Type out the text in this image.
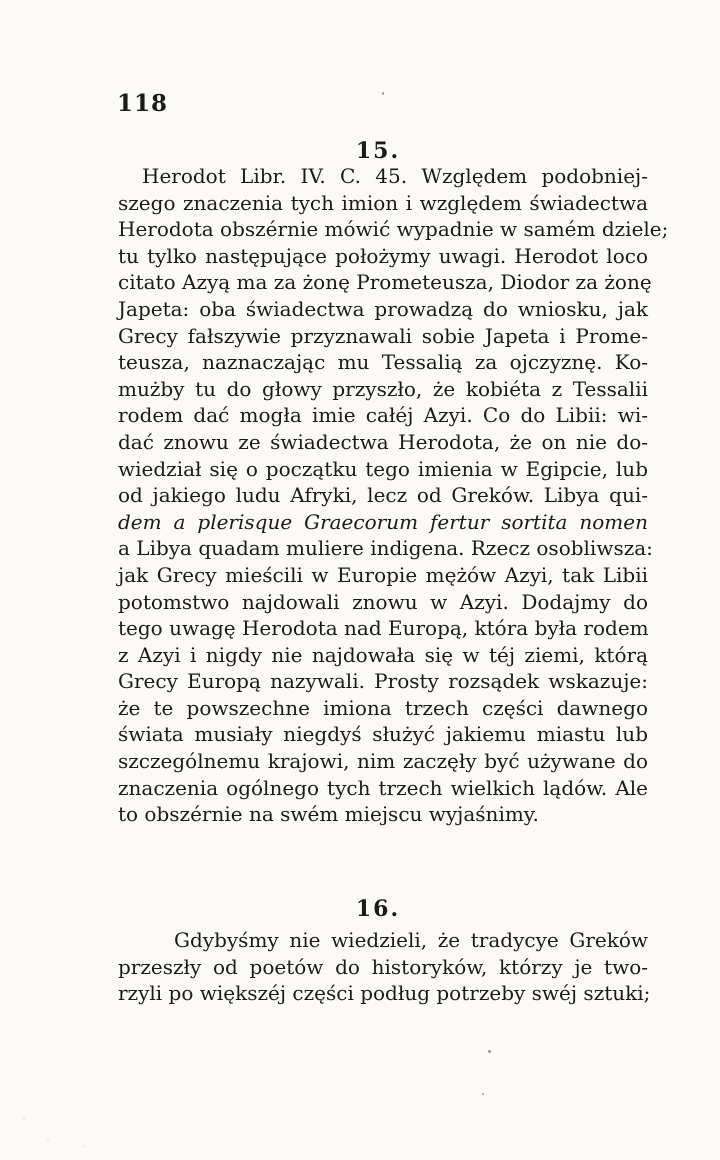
118
15.
Herodot Libr. IV. C. 45. Względem podobniej-
szego znaczenia tych imion i względem świadectwa
Herodota obszérnie mówić wypadnie w samém dziele;
tu tylko następujące położymy uwagi. Herodot loco
citato Azyą ma za żonę Prometeusza, Diodor za żonę
Japeta: oba świadectwa prowadzą do wniosku, jak
Grecy fałszywie przyznawali sobie Japeta i Prome-
teusza, naznaczając mu Tessalią za ojczyznę. Ko-
mużby tu do głowy przyszło, że kobiéta z Tessalii
rodem dać mogła imie całéj Azyi. Co do Libii: wi-
dać znowu ze świadectwa Herodota, że on nie do-
wiedział się o początku tego imienia w Egipcie, lub
od jakiego ludu Afryki, lecz od Greków. Libya qui-
dem a plerisque Graecorum fertur sortita nomen
a Libya quadam muliere indigena. Rzecz osobliwsza:
jak Grecy mieścili w Europie mężów Azyi, tak Libii
potomstwo najdowali znowu w Azyi. Dodajmy do
tego uwagę Herodota nad Europą, która była rodem
z Azyi i nigdy nie najdowała się w téj ziemi, którą
Grecy Europą nazywali. Prosty rozsądek wskazuje:
że te powszechne imiona trzech części dawnego
świata musiały niegdyś służyć jakiemu miastu lub
szczególnemu krajowi, nim zaczęły być używane do
znaczenia ogólnego tych trzech wielkich lądów. Ale
to obszérnie na swém miejscu wyjaśnimy.
16.
Gdybyśmy nie wiedzieli, że tradycye Greków
przeszły od poetów do historyków, którzy je two-
rzyli po większéj części podług potrzeby swéj sztuki;
